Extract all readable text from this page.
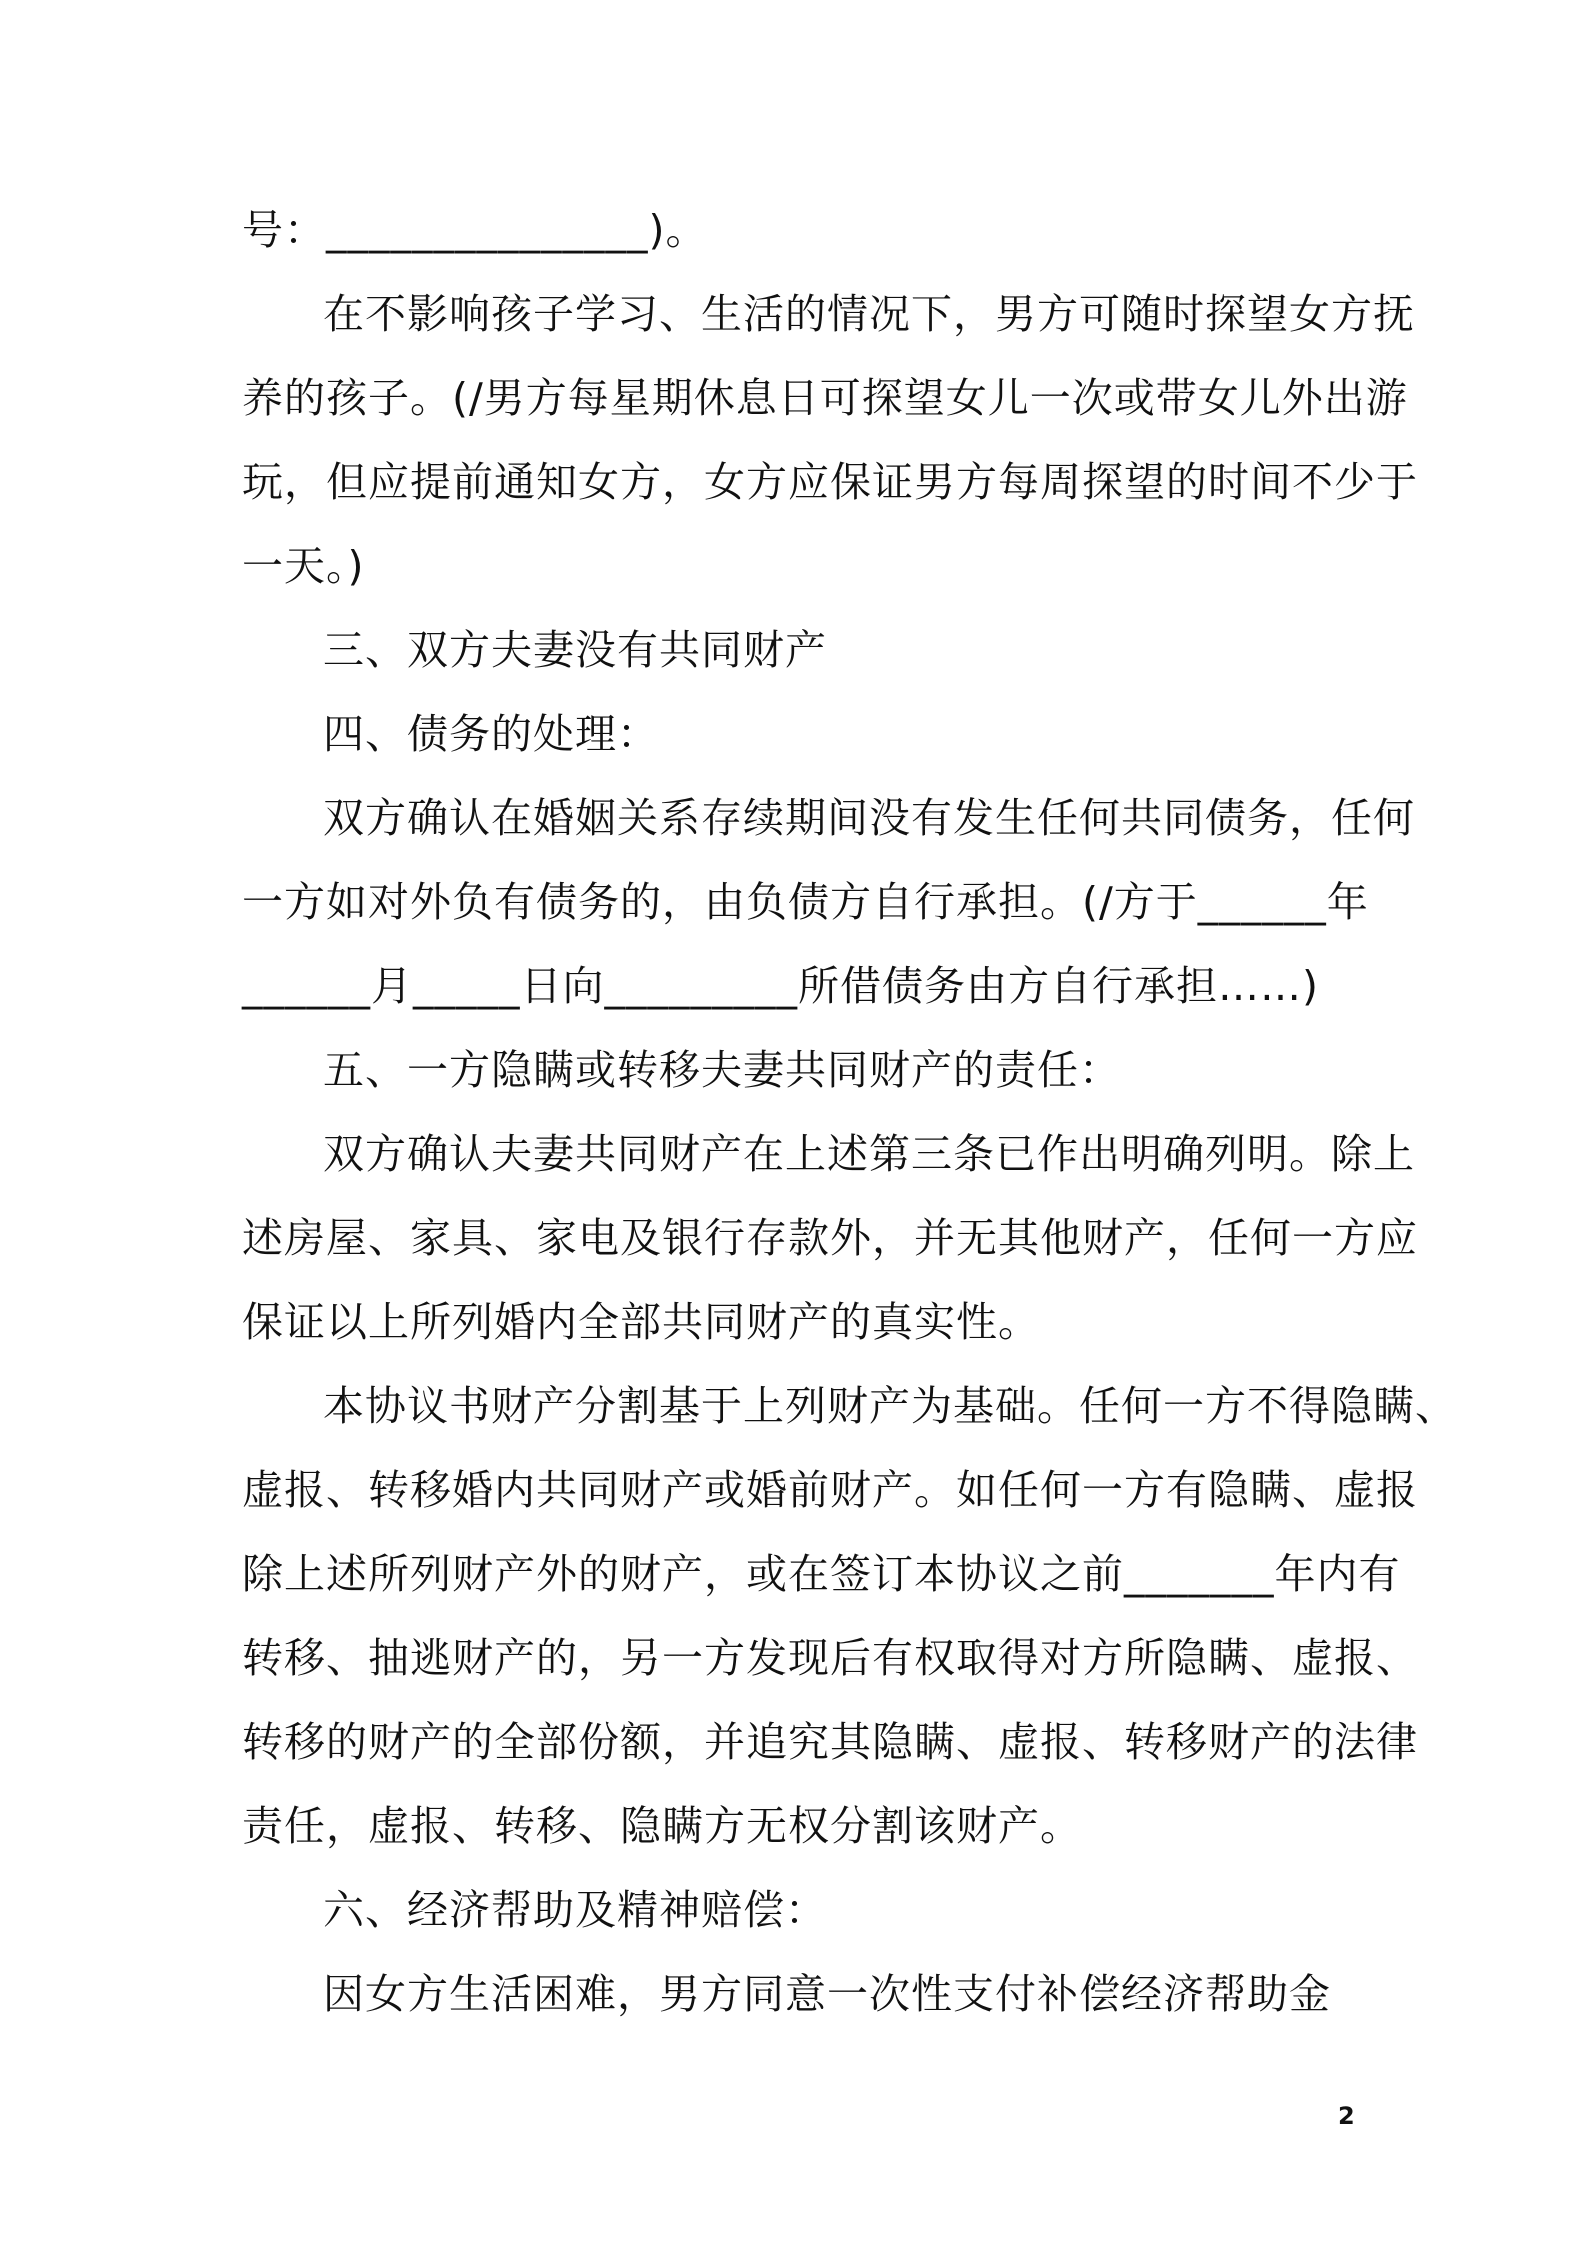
号：_______________)。
在不影响孩子学习、生活的情况下，男方可随时探望女方抚
养的孩子。(/男方每星期休息日可探望女儿一次或带女儿外出游
玩，但应提前通知女方，女方应保证男方每周探望的时间不少于
一天。)
三、双方夫妻没有共同财产
四、债务的处理：
双方确认在婚姻关系存续期间没有发生任何共同债务，任何
一方如对外负有债务的，由负债方自行承担。(/方于______年
______月_____日向_________所借债务由方自行承担……)
五、一方隐瞒或转移夫妻共同财产的责任：
双方确认夫妻共同财产在上述第三条已作出明确列明。除上
述房屋、家具、家电及银行存款外，并无其他财产，任何一方应
保证以上所列婚内全部共同财产的真实性。
本协议书财产分割基于上列财产为基础。任何一方不得隐瞒、
虚报、转移婚内共同财产或婚前财产。如任何一方有隐瞒、虚报
除上述所列财产外的财产，或在签订本协议之前_______年内有
转移、抽逃财产的，另一方发现后有权取得对方所隐瞒、虚报、
转移的财产的全部份额，并追究其隐瞒、虚报、转移财产的法律
责任，虚报、转移、隐瞒方无权分割该财产。
六、经济帮助及精神赔偿：
因女方生活困难，男方同意一次性支付补偿经济帮助金
2
